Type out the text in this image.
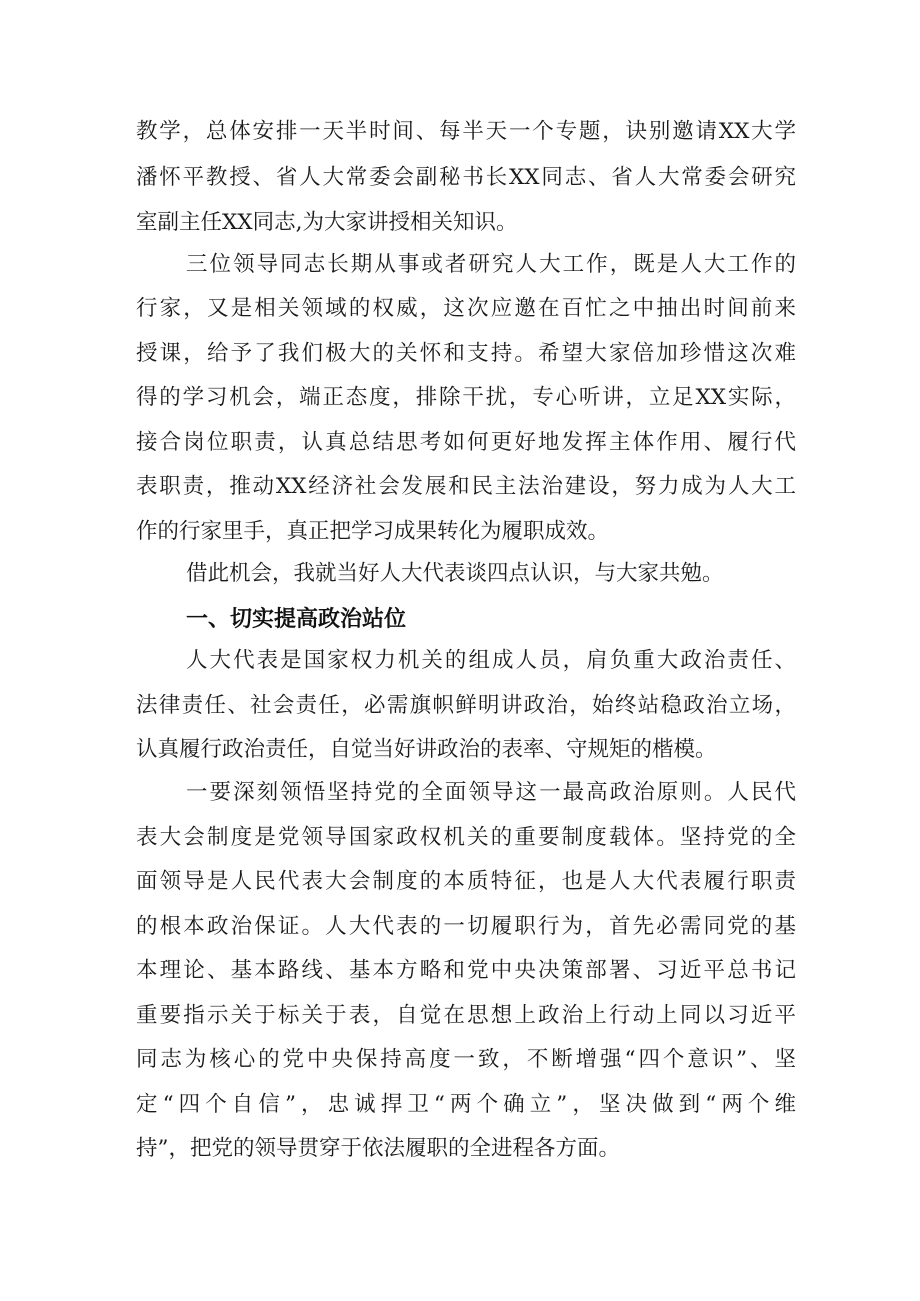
教学，总体安排一天半时间、每半天一个专题，诀别邀请XX大学
潘怀平教授、省人大常委会副秘书长XX同志、省人大常委会研究
室副主任XX同志,为大家讲授相关知识。
三位领导同志长期从事或者研究人大工作，既是人大工作的
行家，又是相关领域的权威，这次应邀在百忙之中抽出时间前来
授课，给予了我们极大的关怀和支持。希望大家倍加珍惜这次难
得的学习机会，端正态度，排除干扰，专心听讲，立足XX实际，
接合岗位职责，认真总结思考如何更好地发挥主体作用、履行代
表职责，推动XX经济社会发展和民主法治建设，努力成为人大工
作的行家里手，真正把学习成果转化为履职成效。
借此机会，我就当好人大代表谈四点认识，与大家共勉。
一、切实提高政治站位
人大代表是国家权力机关的组成人员，肩负重大政治责任、
法律责任、社会责任，必需旗帜鲜明讲政治，始终站稳政治立场，
认真履行政治责任，自觉当好讲政治的表率、守规矩的楷模。
一要深刻领悟坚持党的全面领导这一最高政治原则。人民代
表大会制度是党领导国家政权机关的重要制度载体。坚持党的全
面领导是人民代表大会制度的本质特征，也是人大代表履行职责
的根本政治保证。人大代表的一切履职行为，首先必需同党的基
本理论、基本路线、基本方略和党中央决策部署、习近平总书记
重要指示关于标关于表，自觉在思想上政治上行动上同以习近平
同志为核心的党中央保持高度一致，不断增强“四个意识”、坚
定“四个自信”，忠诚捍卫“两个确立”，坚决做到“两个维
持”，把党的领导贯穿于依法履职的全进程各方面。
